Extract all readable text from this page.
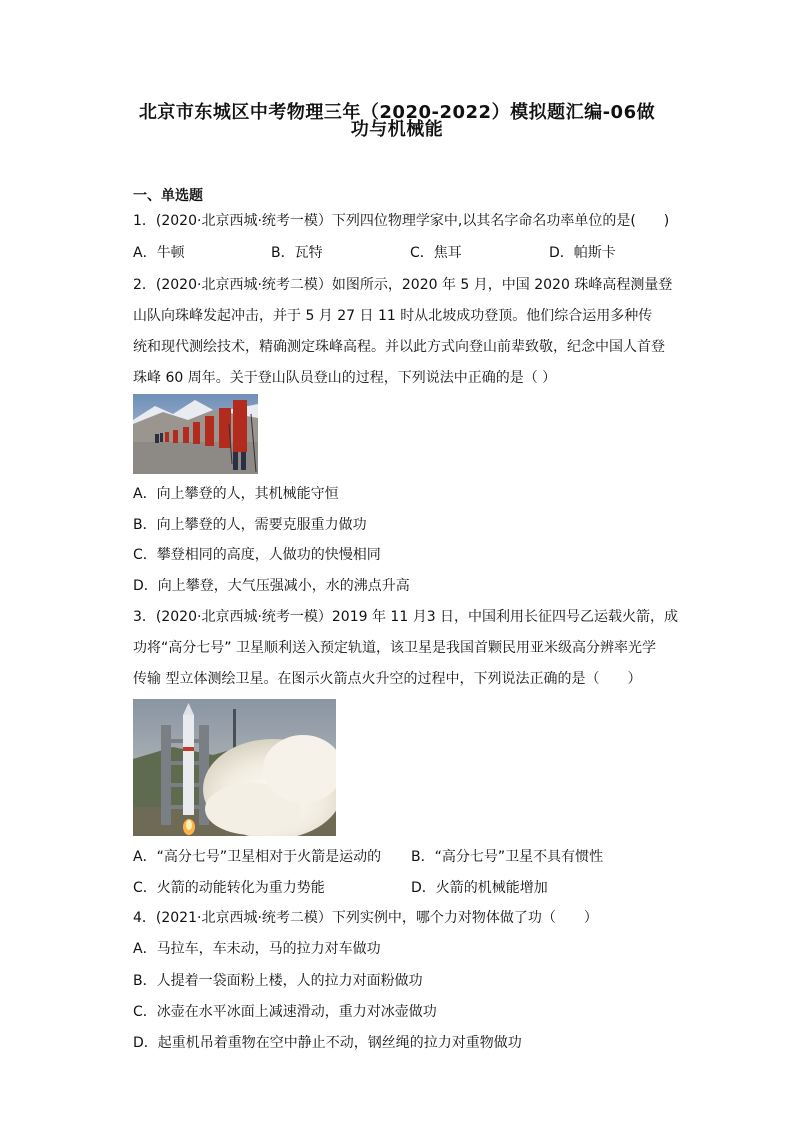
北京市东城区中考物理三年（2020-2022）模拟题汇编-06做
功与机械能
一、单选题
1．(2020·北京西城·统考一模）下列四位物理学家中,以其名字命名功率单位的是(　　)
A．牛顿	B．瓦特	C．焦耳	D．帕斯卡
2．(2020·北京西城·统考二模）如图所示，2020 年 5 月，中国 2020 珠峰高程测量登
山队向珠峰发起冲击，并于 5 月 27 日 11 时从北坡成功登顶。他们综合运用多种传
统和现代测绘技术，精确测定珠峰高程。并以此方式向登山前辈致敬，纪念中国人首登
珠峰 60 周年。关于登山队员登山的过程，下列说法中正确的是（ ）
A．向上攀登的人，其机械能守恒
B．向上攀登的人，需要克服重力做功
C．攀登相同的高度，人做功的快慢相同
D．向上攀登，大气压强减小，水的沸点升高
3．(2020·北京西城·统考一模）2019 年 11 月3 日，中国利用长征四号乙运载火箭，成
功将“高分七号” 卫星顺利送入预定轨道，该卫星是我国首颗民用亚米级高分辨率光学
传输 型立体测绘卫星。在图示火箭点火升空的过程中，下列说法正确的是（　　）
A．“高分七号”卫星相对于火箭是运动的 B．“高分七号”卫星不具有惯性
C．火箭的动能转化为重力势能	D．火箭的机械能增加
4．(2021·北京西城·统考二模）下列实例中，哪个力对物体做了功（　　）
A．马拉车，车未动，马的拉力对车做功
B．人提着一袋面粉上楼，人的拉力对面粉做功
C．冰壶在水平冰面上减速滑动，重力对冰壶做功
D．起重机吊着重物在空中静止不动，钢丝绳的拉力对重物做功
